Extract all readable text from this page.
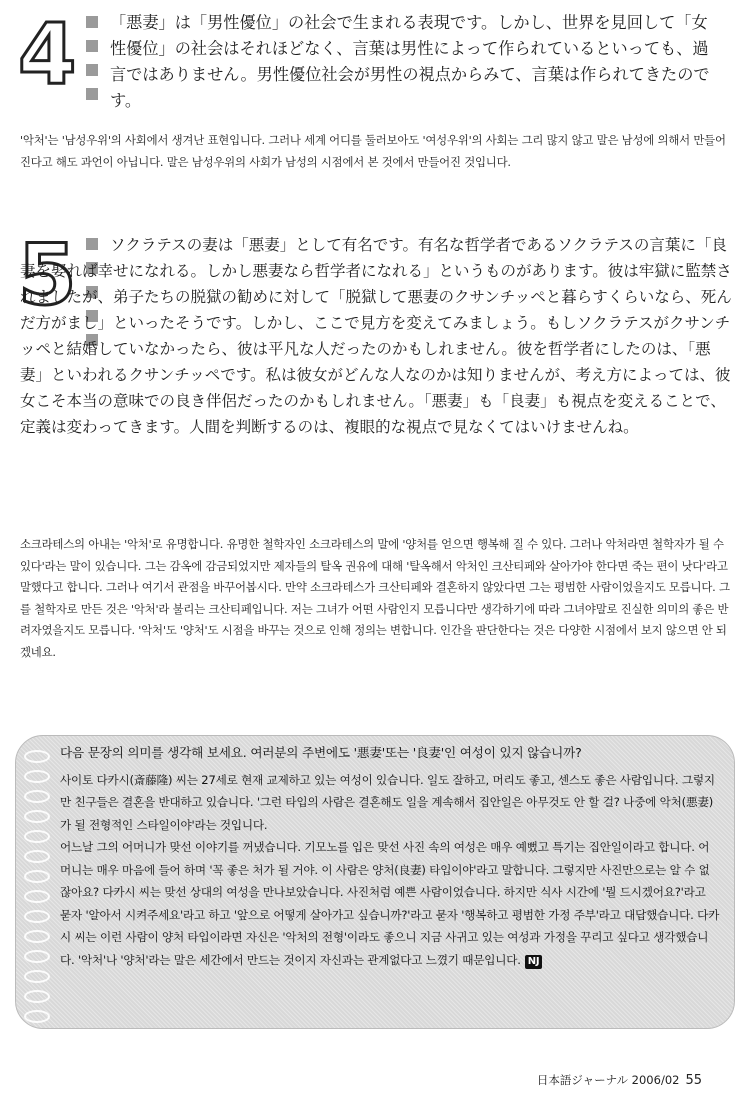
4 「悪妻」は「男性優位」の社会で生まれる表現です。しかし、世界を見回して「女性優位」の社会はそれほどなく、言葉は男性によって作られているといっても、過言ではありません。男性優位社会が男性の視点からみて、言葉は作られてきたのです。

'악처'는 '남성우위'의 사회에서 생겨난 표현입니다. 그러나 세계 어디를 둘러보아도 '여성우위'의 사회는 그리 많지 않고 말은 남성에 의해서 만들어진다고 해도 과언이 아닙니다. 말은 남성우위의 사회가 남성의 시점에서 본 것에서 만들어진 것입니다.

5	ソクラテスの妻は「悪妻」として有名です。有名な哲学者であるソクラテスの言葉に「良妻を娶れば幸せになれる。しかし悪妻なら哲学者になれる」というものがあります。彼は牢獄に監禁されましたが、弟子たちの脱獄の勧めに対して「脱獄して悪妻のクサンチッペと暮らすくらいなら、死んだ方がまし」といったそうです。しかし、ここで見方を変えてみましょう。もしソクラテスがクサンチッペと結婚していなかったら、彼は平凡な人だったのかもしれません。彼を哲学者にしたのは、「悪妻」といわれるクサンチッペです。私は彼女がどんな人なのかは知りませんが、考え方によっては、彼女こそ本当の意味での良き伴侶だったのかもしれません。「悪妻」も「良妻」も視点を変えることで、定義は変わってきます。人間を判断するのは、複眼的な視点で見なくてはいけませんね。

소크라테스의 아내는 '악처'로 유명합니다. 유명한 철학자인 소크라테스의 말에 '양처를 얻으면 행복해 질 수 있다. 그러나 악처라면 철학자가 될 수 있다'라는 말이 있습니다. 그는 감옥에 감금되었지만 제자들의 탈옥 권유에 대해 '탈옥해서 악처인 크산티페와 살아가야 한다면 죽는 편이 낫다'라고 말했다고 합니다. 그러나 여기서 관점을 바꾸어봅시다. 만약 소크라테스가 크산티페와 결혼하지 않았다면 그는 평범한 사람이었을지도 모릅니다. 그를 철학자로 만든 것은 '악처'라 불리는 크산티페입니다. 저는 그녀가 어떤 사람인지 모릅니다만 생각하기에 따라 그녀야말로 진실한 의미의 좋은 반려자였을지도 모릅니다. '악처'도 '양처'도 시점을 바꾸는 것으로 인해 정의는 변합니다. 인간을 판단한다는 것은 다양한 시점에서 보지 않으면 안 되겠네요.

다음 문장의 의미를 생각해 보세요. 여러분의 주변에도 '悪妻'또는 '良妻'인 여성이 있지 않습니까?

사이토 다카시(斎藤隆) 씨는 27세로 현재 교제하고 있는 여성이 있습니다. 일도 잘하고, 머리도 좋고, 센스도 좋은 사람입니다. 그렇지만 친구들은 결혼을 반대하고 있습니다. '그런 타입의 사람은 결혼해도 일을 계속해서 집안일은 아무것도 안 할 걸? 나중에 악처(悪妻)가 될 전형적인 스타일이야'라는 것입니다.

어느날 그의 어머니가 맞선 이야기를 꺼냈습니다. 기모노를 입은 맞선 사진 속의 여성은 매우 예뻤고 특기는 집안일이라고 합니다. 어머니는 매우 마음에 들어 하며 '꼭 좋은 처가 될 거야. 이 사람은 양처(良妻) 타입이야'라고 말합니다. 그렇지만 사진만으로는 알 수 없잖아요? 다카시 씨는 맞선 상대의 여성을 만나보았습니다. 사진처럼 예쁜 사람이었습니다. 하지만 식사 시간에 '뭘 드시겠어요?'라고 묻자 '알아서 시켜주세요'라고 하고 '앞으로 어떻게 살아가고 싶습니까?'라고 묻자 '행복하고 평범한 가정 주부'라고 대답했습니다. 다카시 씨는 이런 사람이 양처 타입이라면 자신은 '악처의 전형'이라도 좋으니 지금 사귀고 있는 여성과 가정을 꾸리고 싶다고 생각했습니다. '악처'나 '양처'라는 말은 세간에서 만드는 것이지 자신과는 관계없다고 느꼈기 때문입니다. NJ

日本語ジャーナル 2006/02 55
